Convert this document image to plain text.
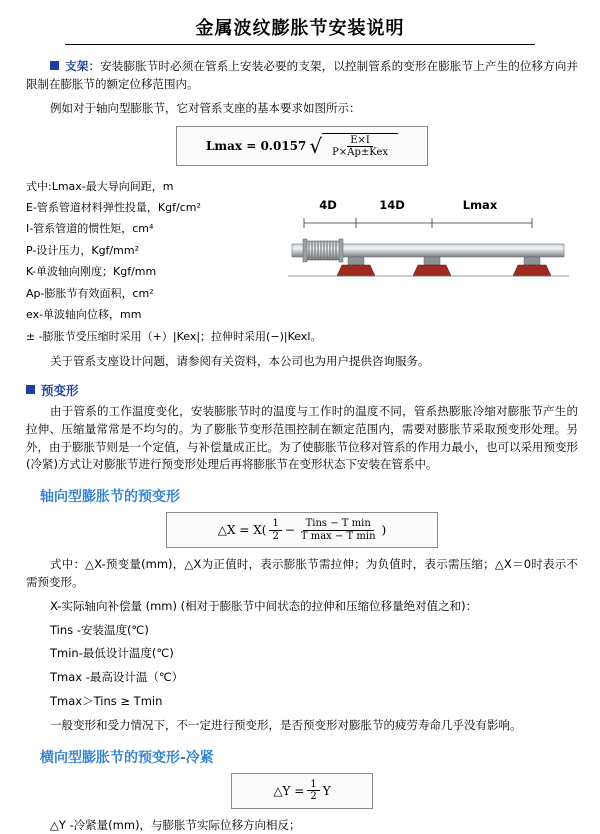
金属波纹膨胀节安装说明

支架：安装膨胀节时必须在管系上安装必要的支架，以控制管系的变形在膨胀节上产生的位移方向并限制在膨胀节的额定位移范围内。

例如对于轴向型膨胀节，它对管系支座的基本要求如图所示：

Lmax = 0.0157 √ $\frac{E\times I}{\text{P×Ap±Kex}}$
式中:Lmax-最大导向间距，m
E-管系管道材料弹性投量，Kgf/cm²
I-管系管道的惯性矩，cm⁴
P-设计压力，Kgf/mm²
K-单波轴向刚度；Kgf/mm
Ap-膨胀节有效面积，cm²
ex-单波轴向位移，mm
± -膨胀节受压缩时采用（+）|Kex|；拉伸时采用(−)|Kexl。
4D	14D	Lmax

关于管系支座设计问题，请参阅有关资料，本公司也为用户提供咨询服务。

预变形

由于管系的工作温度变化，安装膨胀节时的温度与工作时的温度不同，管系热膨胀冷缩对膨胀节产生的拉伸、压缩量常常是不均匀的。为了膨胀节变形范围控制在额定范围内，需要对膨胀节采取预变形处理。另外，由于膨胀节则是一个定值，与补偿量成正比。为了使膨胀节位移对管系的作用力最小，也可以采用预变形(冷紧)方式让对膨胀节进行预变形处理后再将膨胀节在变形状态下安装在管系中。

轴向型膨胀节的预变形
△X = $X( \frac{1}{2} - \frac{\text{Tins − T min}}{\text{T max − T min}}$ )

式中：△X-预变量(mm)，△X为正值时，表示膨胀节需拉伸；为负值时，表示需压缩；△X＝0时表示不需预变形。

X-实际轴向补偿量 (mm) (相对于膨胀节中间状态的拉伸和压缩位移量绝对值之和)：

Tins -安装温度(℃)

Tmin-最低设计温度(℃)

Tmax -最高设计温（℃）

Tmax＞Tins ≥ Tmin

一般变形和受力情况下，不一定进行预变形，是否预变形对膨胀节的疲劳寿命几乎没有影响。

横向型膨胀节的预变形-冷紧
△Y = $\frac{1}{2}$ Y

△Y -冷紧量(mm)，与膨胀节实际位移方向相反；
